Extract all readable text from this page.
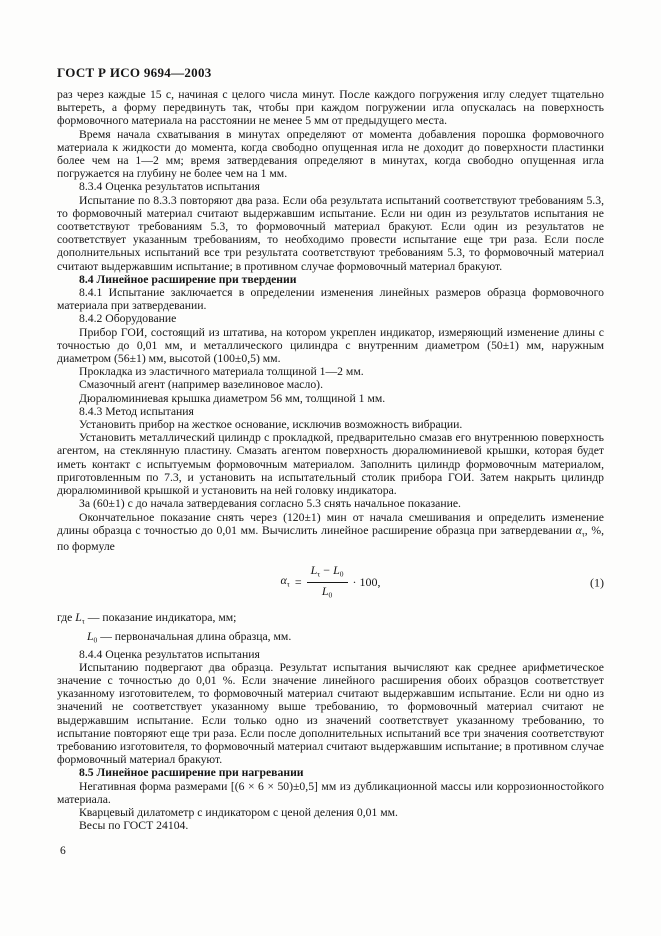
ГОСТ Р ИСО 9694—2003

раз через каждые 15 с, начиная с целого числа минут. После каждого погружения иглу следует тщательно вытереть, а форму передвинуть так, чтобы при каждом погружении игла опускалась на поверхность формовочного материала на расстоянии не менее 5 мм от предыдущего места.

Время начала схватывания в минутах определяют от момента добавления порошка формовочного материала к жидкости до момента, когда свободно опущенная игла не доходит до поверхности пластинки более чем на 1—2 мм; время затвердевания определяют в минутах, когда свободно опущенная игла погружается на глубину не более чем на 1 мм.

8.3.4 Оценка результатов испытания

Испытание по 8.3.3 повторяют два раза. Если оба результата испытаний соответствуют требованиям 5.3, то формовочный материал считают выдержавшим испытание. Если ни один из результатов испытания не соответствуют требованиям 5.3, то формовочный материал бракуют. Если один из результатов не соответствует указанным требованиям, то необходимо провести испытание еще три раза. Если после дополнительных испытаний все три результата соответствуют требованиям 5.3, то формовочный материал считают выдержавшим испытание; в противном случае формовочный материал бракуют.

8.4 Линейное расширение при твердении

8.4.1 Испытание заключается в определении изменения линейных размеров образца формовочного материала при затвердевании.

8.4.2 Оборудование

Прибор ГОИ, состоящий из штатива, на котором укреплен индикатор, измеряющий изменение длины с точностью до 0,01 мм, и металлического цилиндра с внутренним диаметром (50±1) мм, наружным диаметром (56±1) мм, высотой (100±0,5) мм.

Прокладка из эластичного материала толщиной 1—2 мм.

Смазочный агент (например вазелиновое масло).

Дюралюминиевая крышка диаметром 56 мм, толщиной 1 мм.

8.4.3 Метод испытания

Установить прибор на жесткое основание, исключив возможность вибрации.

Установить металлический цилиндр с прокладкой, предварительно смазав его внутреннюю поверхность агентом, на стеклянную пластину. Смазать агентом поверхность дюралюминиевой крышки, которая будет иметь контакт с испытуемым формовочным материалом. Заполнить цилиндр формовочным материалом, приготовленным по 7.3, и установить на испытательный столик прибора ГОИ. Затем накрыть цилиндр дюралюминивой крышкой и установить на ней головку индикатора.

За (60±1) с до начала затвердевания согласно 5.3 снять начальное показание.

Окончательное показание снять через (120±1) мин от начала смешивания и определить изменение длины образца с точностью до 0,01 мм. Вычислить линейное расширение образца при затвердевании $\alpha_\tau$, %, по формуле

$\alpha_\tau = \frac{L_\tau - L_0}{L_0} \cdot 100$,	(1)

где $L_\tau$ — показание индикатора, мм;

$L_0$ — первоначальная длина образца, мм.

8.4.4 Оценка результатов испытания

Испытанию подвергают два образца. Результат испытания вычисляют как среднее арифметическое значение с точностью до 0,01 %. Если значение линейного расширения обоих образцов соответствует указанному изготовителем, то формовочный материал считают выдержавшим испытание. Если ни одно из значений не соответствует указанному выше требованию, то формовочный материал считают не выдержавшим испытание. Если только одно из значений соответствует указанному требованию, то испытание повторяют еще три раза. Если после дополнительных испытаний все три значения соответствуют требованию изготовителя, то формовочный материал считают выдержавшим испытание; в противном случае формовочный материал бракуют.

8.5 Линейное расширение при нагревании

Негативная форма размерами [(6 × 6 × 50)±0,5] мм из дубликационной массы или коррозионностойкого материала.

Кварцевый дилатометр с индикатором с ценой деления 0,01 мм.

Весы по ГОСТ 24104.

6
